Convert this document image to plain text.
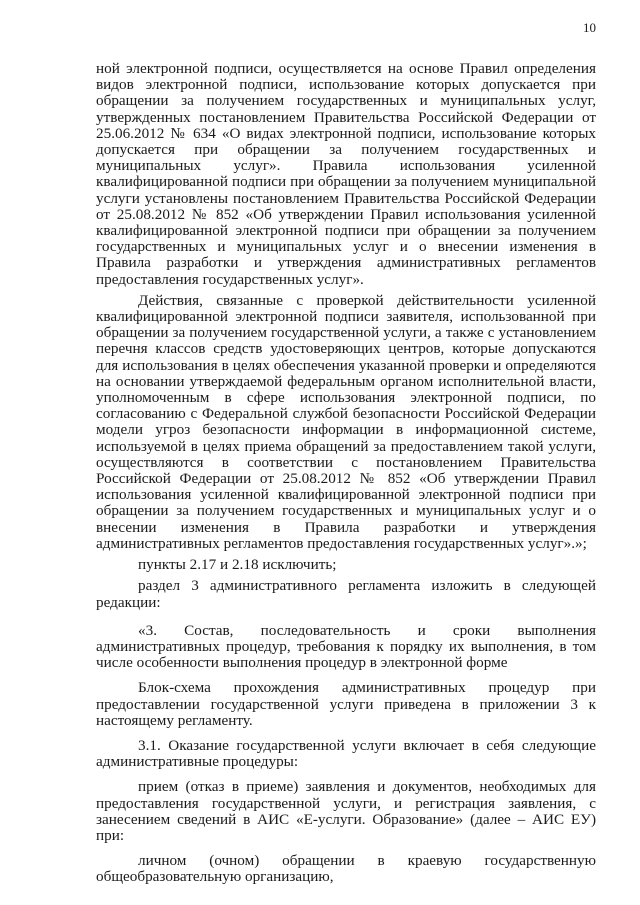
10

ной электронной подписи, осуществляется на основе Правил определения видов электронной подписи, использование которых допускается при обращении за получением государственных и муниципальных услуг, утвержденных постановлением Правительства Российской Федерации от 25.06.2012 № 634 «О видах электронной подписи, использование которых допускается при обращении за получением государственных и муниципальных услуг». Правила использования усиленной квалифицированной подписи при обращении за получением муниципальной услуги установлены постановлением Правительства Российской Федерации от 25.08.2012 № 852 «Об утверждении Правил использования усиленной квалифицированной электронной подписи при обращении за получением государственных и муниципальных услуг и о внесении изменения в Правила разработки и утверждения административных регламентов предоставления государственных услуг».

Действия, связанные с проверкой действительности усиленной квалифицированной электронной подписи заявителя, использованной при обращении за получением государственной услуги, а также с установлением перечня классов средств удостоверяющих центров, которые допускаются для использования в целях обеспечения указанной проверки и определяются на основании утверждаемой федеральным органом исполнительной власти, уполномоченным в сфере использования электронной подписи, по согласованию с Федеральной службой безопасности Российской Федерации модели угроз безопасности информации в информационной системе, используемой в целях приема обращений за предоставлением такой услуги, осуществляются в соответствии с постановлением Правительства Российской Федерации от 25.08.2012 № 852 «Об утверждении Правил использования усиленной квалифицированной электронной подписи при обращении за получением государственных и муниципальных услуг и о внесении изменения в Правила разработки и утверждения административных регламентов предоставления государственных услуг».»;

пункты 2.17 и 2.18 исключить;

раздел 3 административного регламента изложить в следующей редакции:

«3. Состав, последовательность и сроки выполнения административных процедур, требования к порядку их выполнения, в том числе особенности выполнения процедур в электронной форме

Блок-схема прохождения административных процедур при предоставлении государственной услуги приведена в приложении 3 к настоящему регламенту.

3.1. Оказание государственной услуги включает в себя следующие административные процедуры:

прием (отказ в приеме) заявления и документов, необходимых для предоставления государственной услуги, и регистрация заявления, с занесением сведений в АИС «Е-услуги. Образование» (далее – АИС ЕУ) при:

личном (очном) обращении в краевую государственную общеобразовательную организацию,
